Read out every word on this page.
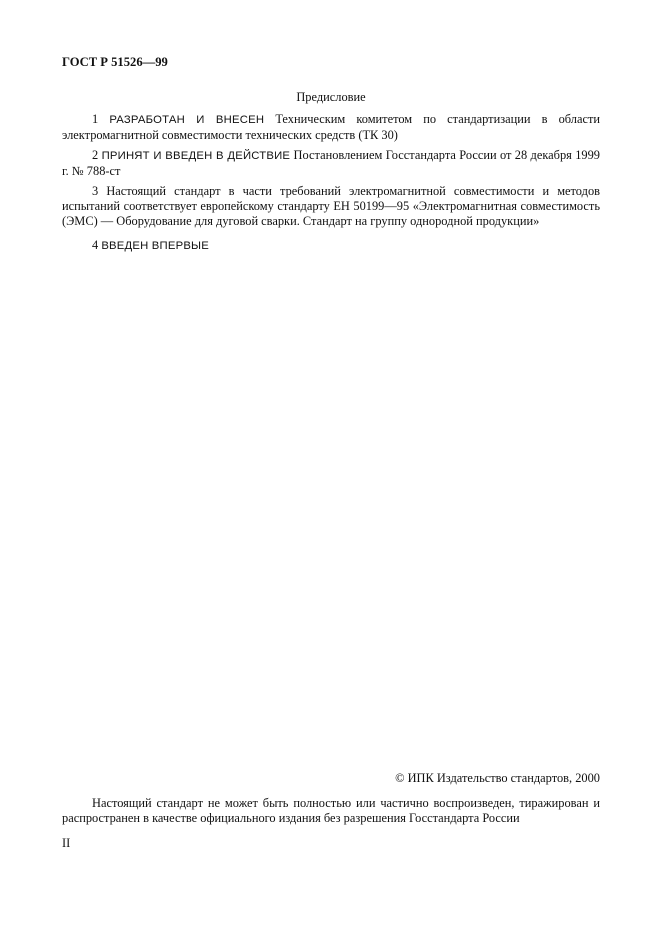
ГОСТ Р 51526—99
Предисловие
1 РАЗРАБОТАН И ВНЕСЕН Техническим комитетом по стандартизации в области электромагнитной совместимости технических средств (ТК 30)
2 ПРИНЯТ И ВВЕДЕН В ДЕЙСТВИЕ Постановлением Госстандарта России от 28 декабря 1999 г. № 788-ст
3 Настоящий стандарт в части требований электромагнитной совместимости и методов испытаний соответствует европейскому стандарту ЕН 50199—95 «Электромагнитная совместимость (ЭМС) — Оборудование для дуговой сварки. Стандарт на группу однородной продукции»
4 ВВЕДЕН ВПЕРВЫЕ
© ИПК Издательство стандартов, 2000
Настоящий стандарт не может быть полностью или частично воспроизведен, тиражирован и распространен в качестве официального издания без разрешения Госстандарта России
II
